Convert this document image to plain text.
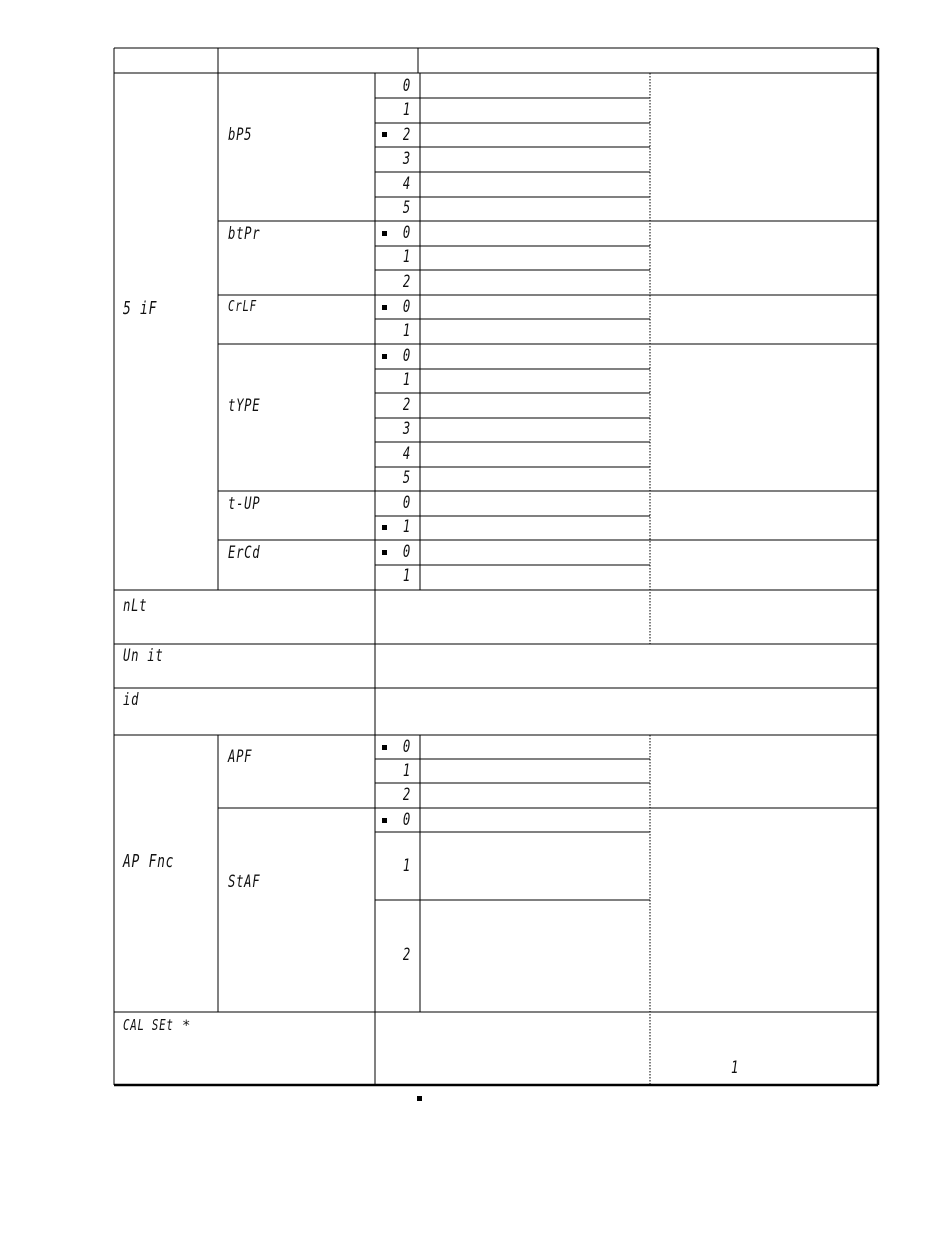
5 iF
nLt
Un it
id
AP Fnc
CAL SEt *
bP5
btPr
CrLF
tYPE
t-UP
ErCd
APF
StAF
0
1
2
3
4
5
0
1
2
0
1
0
1
2
3
4
5
0
1
0
1
0
1
2
0
1
2
1
